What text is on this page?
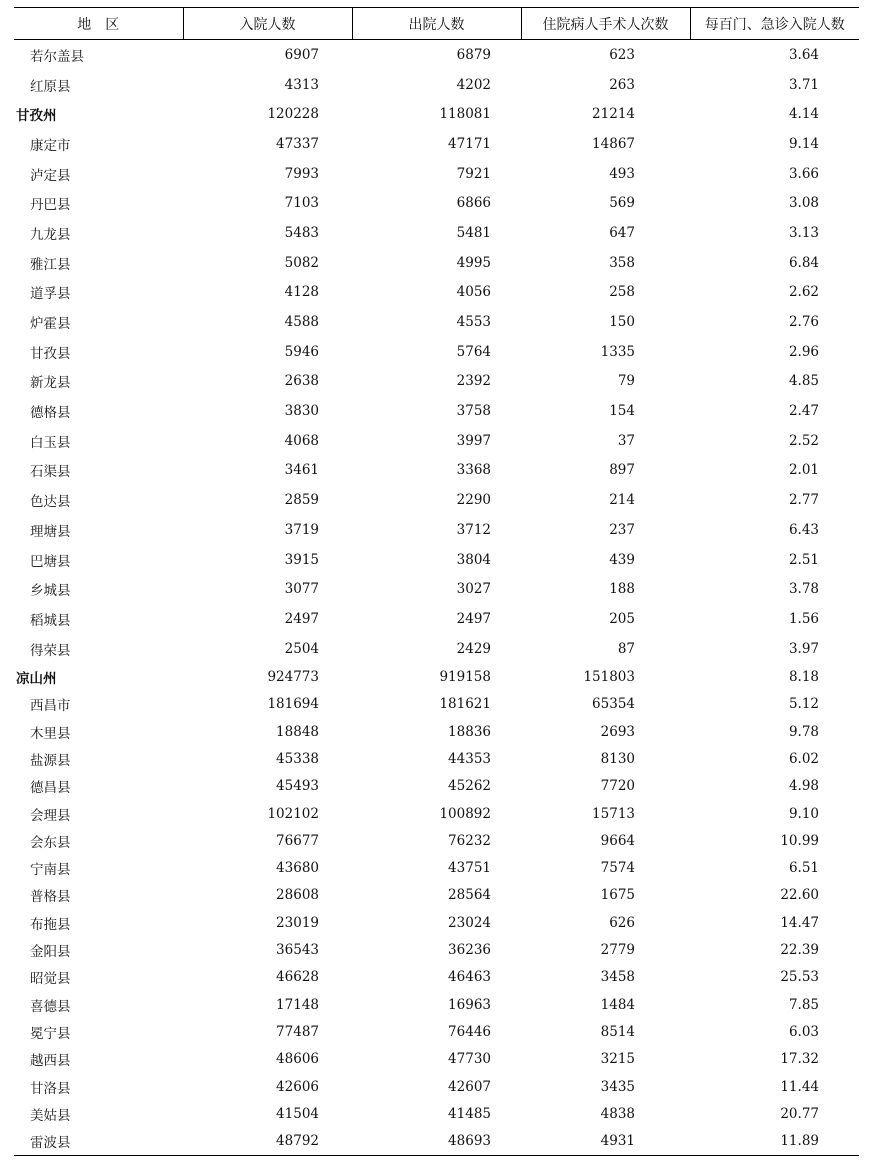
地　区	入院人数	出院人数	住院病人手术人次数	每百门、急诊入院人数
若尔盖县	6907	6879	623	3.64
红原县	4313	4202	263	3.71
甘孜州	120228	118081	21214	4.14
康定市	47337	47171	14867	9.14
泸定县	7993	7921	493	3.66
丹巴县	7103	6866	569	3.08
九龙县	5483	5481	647	3.13
雅江县	5082	4995	358	6.84
道孚县	4128	4056	258	2.62
炉霍县	4588	4553	150	2.76
甘孜县	5946	5764	1335	2.96
新龙县	2638	2392	79	4.85
德格县	3830	3758	154	2.47
白玉县	4068	3997	37	2.52
石渠县	3461	3368	897	2.01
色达县	2859	2290	214	2.77
理塘县	3719	3712	237	6.43
巴塘县	3915	3804	439	2.51
乡城县	3077	3027	188	3.78
稻城县	2497	2497	205	1.56
得荣县	2504	2429	87	3.97
凉山州	924773	919158	151803	8.18
西昌市	181694	181621	65354	5.12
木里县	18848	18836	2693	9.78
盐源县	45338	44353	8130	6.02
德昌县	45493	45262	7720	4.98
会理县	102102	100892	15713	9.10
会东县	76677	76232	9664	10.99
宁南县	43680	43751	7574	6.51
普格县	28608	28564	1675	22.60
布拖县	23019	23024	626	14.47
金阳县	36543	36236	2779	22.39
昭觉县	46628	46463	3458	25.53
喜德县	17148	16963	1484	7.85
冕宁县	77487	76446	8514	6.03
越西县	48606	47730	3215	17.32
甘洛县	42606	42607	3435	11.44
美姑县	41504	41485	4838	20.77
雷波县	48792	48693	4931	11.89
